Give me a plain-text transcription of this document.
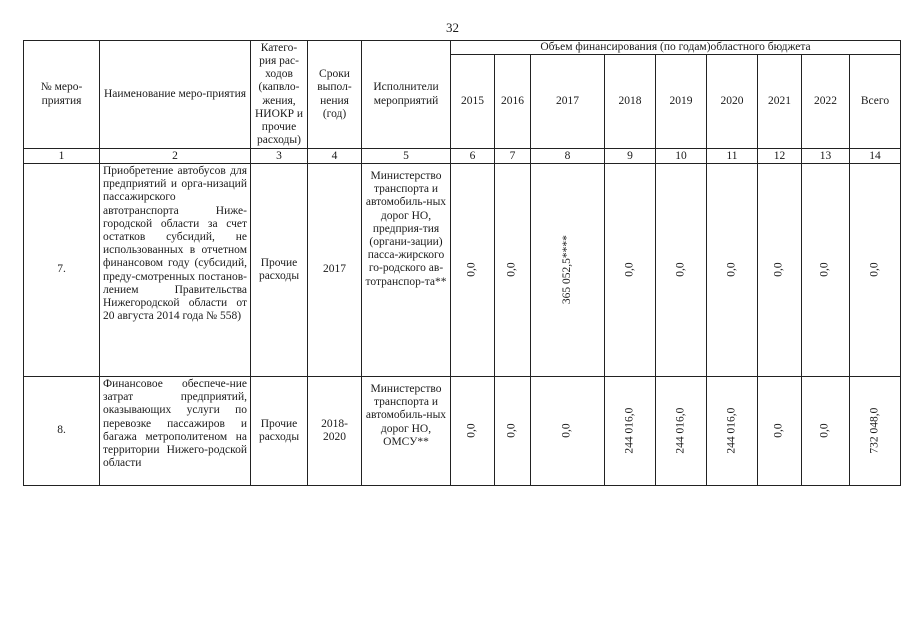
32
№ меро-приятия	Наименование меро-приятия	Катего-рия рас-ходов (капвло-жения, НИОКР и прочие расходы)	Сроки выпол-нения (год)	Исполнители мероприятий	Объем финансирования (по годам)областного бюджета								
					2015	2016	2017	2018	2019	2020	2021	2022	Всего
1	2	3	4	5	6	7	8	9	10	11	12	13	14
7.	Приобретение автобусов для предприятий и орга-низаций пассажирского автотранспорта Ниже-городской области за счет остатков субсидий, не использованных в отчетном финансовом году (субсидий, преду-смотренных постанов-лением Правительства Нижегородской области от 20 августа 2014 года № 558)	Прочие расходы	2017	Министерство транспорта и автомобиль-ных дорог НО, предприя-тия (органи-зации) пасса-жирского го-родского ав-тотранспор-та**	0,0	0,0	365 052,5****	0,0	0,0	0,0	0,0	0,0	0,0
8.	Финансовое обеспече-ние затрат предприятий, оказывающих услуги по перевозке пассажиров и багажа метрополитеном на территории Нижего-родской области	Прочие расходы	2018-2020	Министерство транспорта и автомобиль-ных дорог НО, ОМСУ**	0,0	0,0	0,0	244 016,0	244 016,0	244 016,0	0,0	0,0	732 048,0
